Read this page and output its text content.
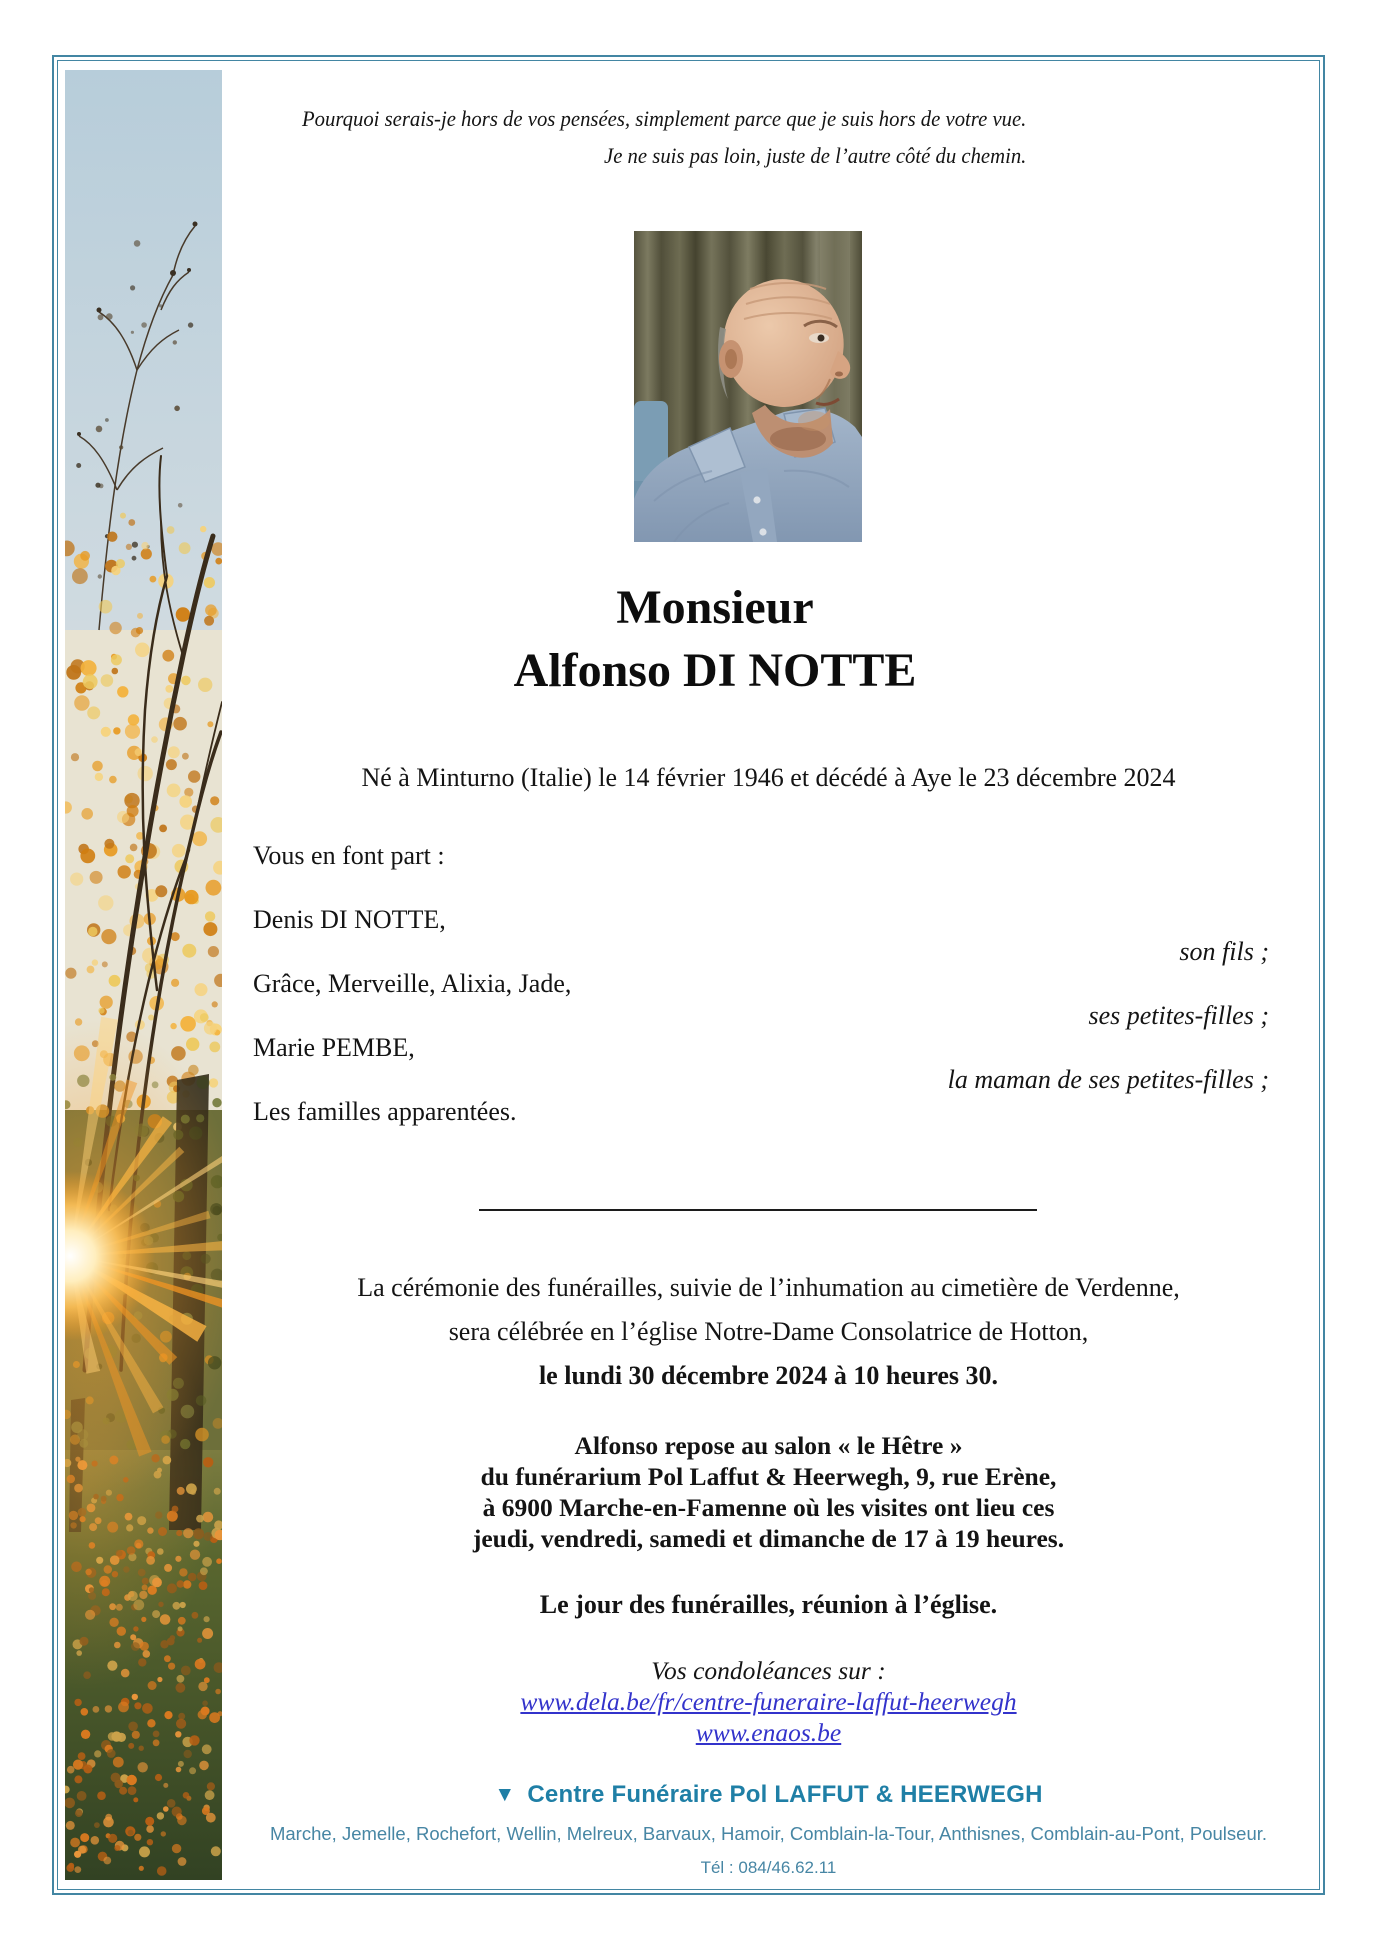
Pourquoi serais-je hors de vos pensées, simplement parce que je suis hors de votre vue.
Je ne suis pas loin, juste de l’autre côté du chemin.
Monsieur
Alfonso DI NOTTE
Né à Minturno (Italie) le 14 février 1946 et décédé à Aye le 23 décembre 2024
Vous en font part :
Denis DI NOTTE,
son fils ;
Grâce, Merveille, Alixia, Jade,
ses petites-filles ;
Marie PEMBE,
la maman de ses petites-filles ;
Les familles apparentées.
La cérémonie des funérailles, suivie de l’inhumation au cimetière de Verdenne,
sera célébrée en l’église Notre-Dame Consolatrice de Hotton,
le lundi 30 décembre 2024 à 10 heures 30.
Alfonso repose au salon « le Hêtre »
du funérarium Pol Laffut & Heerwegh, 9, rue Erène,
à 6900 Marche-en-Famenne où les visites ont lieu ces
jeudi, vendredi, samedi et dimanche de 17 à 19 heures.
Le jour des funérailles, réunion à l’église.
Vos condoléances sur :
www.dela.be/fr/centre-funeraire-laffut-heerwegh
www.enaos.be
▼ Centre Funéraire Pol LAFFUT & HEERWEGH
Marche, Jemelle, Rochefort, Wellin, Melreux, Barvaux, Hamoir, Comblain-la-Tour, Anthisnes, Comblain-au-Pont, Poulseur.
Tél : 084/46.62.11
